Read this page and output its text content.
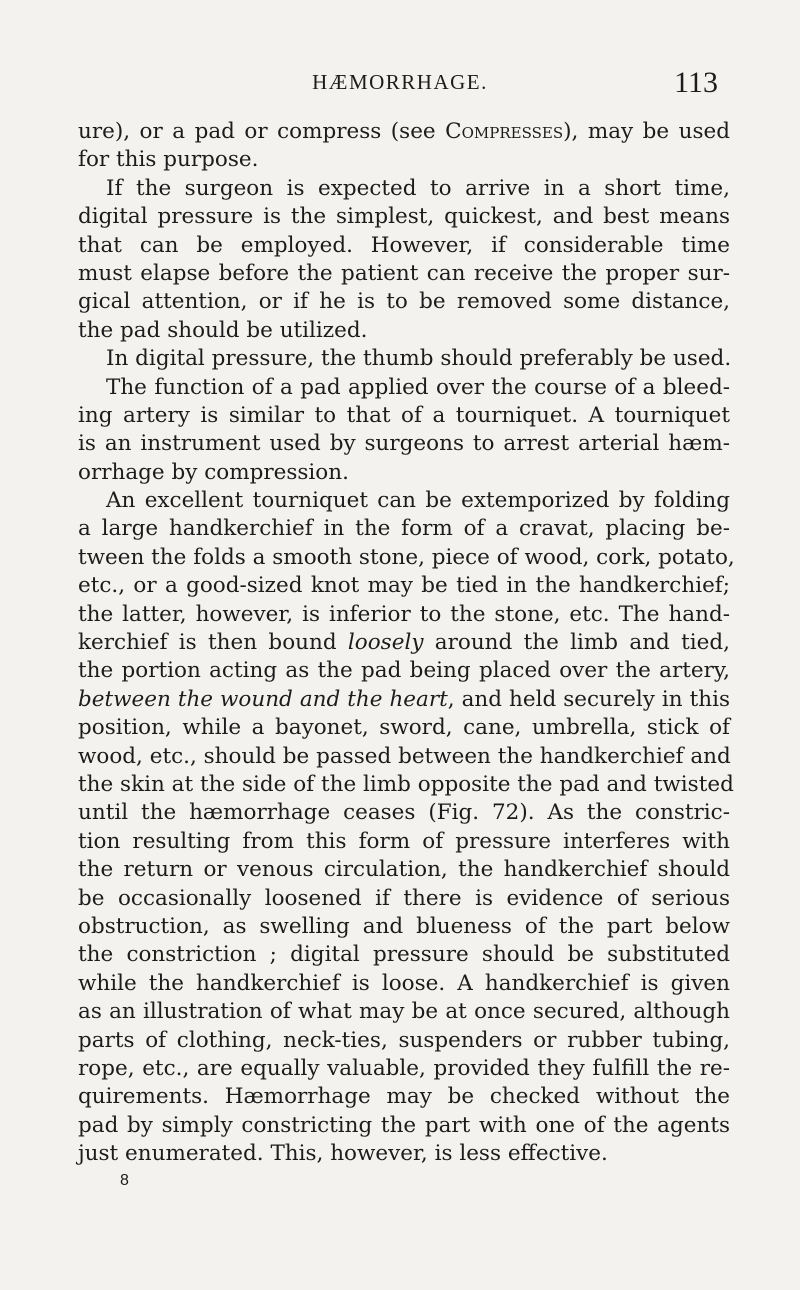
HÆMORRHAGE.	113
ure), or a pad or compress (see Compresses), may be used
for this purpose.
If the surgeon is expected to arrive in a short time,
digital pressure is the simplest, quickest, and best means
that can be employed. However, if considerable time
must elapse before the patient can receive the proper sur-
gical attention, or if he is to be removed some distance,
the pad should be utilized.
In digital pressure, the thumb should preferably be used.
The function of a pad applied over the course of a bleed-
ing artery is similar to that of a tourniquet. A tourniquet
is an instrument used by surgeons to arrest arterial hæm-
orrhage by compression.
An excellent tourniquet can be extemporized by folding
a large handkerchief in the form of a cravat, placing be-
tween the folds a smooth stone, piece of wood, cork, potato,
etc., or a good-sized knot may be tied in the handkerchief;
the latter, however, is inferior to the stone, etc. The hand-
kerchief is then bound loosely around the limb and tied,
the portion acting as the pad being placed over the artery,
between the wound and the heart, and held securely in this
position, while a bayonet, sword, cane, umbrella, stick of
wood, etc., should be passed between the handkerchief and
the skin at the side of the limb opposite the pad and twisted
until the hæmorrhage ceases (Fig. 72). As the constric-
tion resulting from this form of pressure interferes with
the return or venous circulation, the handkerchief should
be occasionally loosened if there is evidence of serious
obstruction, as swelling and blueness of the part below
the constriction ; digital pressure should be substituted
while the handkerchief is loose. A handkerchief is given
as an illustration of what may be at once secured, although
parts of clothing, neck-ties, suspenders or rubber tubing,
rope, etc., are equally valuable, provided they fulfill the re-
quirements. Hæmorrhage may be checked without the
pad by simply constricting the part with one of the agents
just enumerated. This, however, is less effective.
8
